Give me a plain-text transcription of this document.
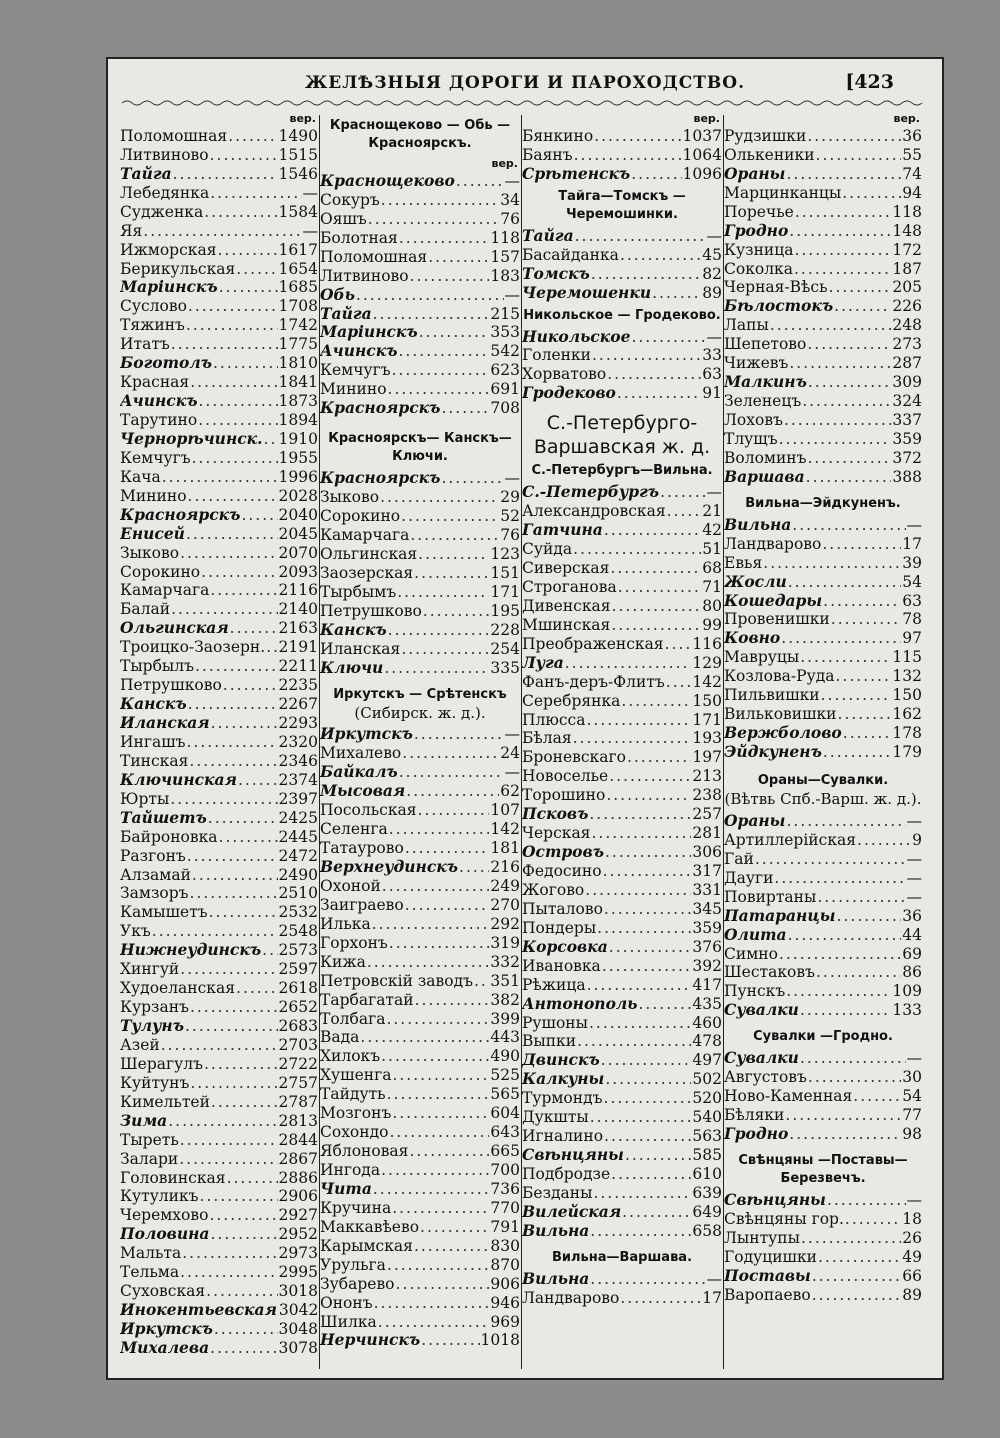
ЖЕЛѢЗНЫЯ ДОРОГИ И ПАРОХОДСТВО.	[423
вер.
Поломошная .....	1490
Литвиново .....	1515
Тайга .....	1546
Лебедянка .....	—
Судженка .....	1584
Яя .....	—
Ижморская .....	1617
Берикульская .....	1654
Маріинскъ .....	1685
Суслово .....	1708
Тяжинъ .....	1742
Итатъ .....	1775
Боготолъ .....	1810
Красная .....	1841
Ачинскъ .....	1873
Тарутино .....	1894
Чернорѣчинск. ..... 1910
Кемчугъ .....	1955
Кача .....	1996
Минино .....	2028
Красноярскъ ..... 2040
Енисей .....	2045
Зыково .....	2070
Сорокино .....	2093
Камарчага .....	2116
Балай .....	2140
Ольгинская .....	2163
Троицко-Заозерн. ..... 2191
Тырбылъ .....	2211
Петрушково .....	2235
Канскъ .....	2267
Иланская .....	2293
Ингашъ .....	2320
Тинская .....	2346
Ключинская .....	2374
Юрты .....	2397
Тайшетъ .....	2425
Байроновка .....	2445
Разгонъ .....	2472
Алзамай .....	2490
Замзоръ .....	2510
Камышетъ .....	2532
Укъ .....	2548
Нижнеудинскъ ..... 2573
Хингуй .....	2597
Худоеланская .....	2618
Курзанъ .....	2652
Тулунъ .....	2683
Азей .....	2703
Шерагулъ .....	2722
Куйтунъ .....	2757
Кимельтей .....	2787
Зима .....	2813
Тыреть .....	2844
Залари .....	2867
Головинская .....	2886
Кутуликъ .....	2906
Черемхово .....	2927
Половина .....	2952
Мальта .....	2973
Тельма .....	2995
Суховская .....	3018
Инокентьевская 3042
Иркутскъ .....	3048
Михалева .....	3078
Краснощеково — Обь — Красноярскъ.
вер.
Краснощеково .....	—
Сокуръ .....	34
Ояшъ .....	76
Болотная .....	118
Поломошная .....	157
Литвиново .....	183
Обь .....	—
Тайга .....	215
Маріинскъ .....	353
Ачинскъ .....	542
Кемчугъ .....	623
Минино .....	691
Красноярскъ .....	708
Красноярскъ— Канскъ—Ключи.
Красноярскъ .....	—
Зыково .....	29
Сорокино .....	52
Камарчага .....	76
Ольгинская .....	123
Заозерская .....	151
Тырбымъ .....	171
Петрушково .....	195
Канскъ .....	228
Иланская .....	254
Ключи .....	335
Иркутскъ — Срѣтенскъ
(Сибирск. ж. д.).
Иркутскъ .....	—
Михалево .....	24
Байкалъ .....	—
Мысовая .....	62
Посольская .....	107
Селенга .....	142
Татаурово .....	181
Верхнеудинскъ ..... 216
Охоной .....	249
Заиграево .....	270
Илька .....	292
Горхонъ .....	319
Кижа .....	332
Петровскій заводъ ..... 351
Тарбагатай .....	382
Толбага .....	399
Вада .....	443
Хилокъ .....	490
Хушенга .....	525
Тайдуть .....	565
Мозгонъ .....	604
Сохондо .....	643
Яблоновая .....	665
Ингода .....	700
Чита .....	736
Кручина .....	770
Маккавѣево .....	791
Карымская .....	830
Урульга .....	870
Зубарево .....	906
Ононъ .....	946
Шилка .....	969
Нерчинскъ .....	1018
вер.
Бянкино .....	1037
Баянъ .....	1064
Срѣтенскъ .....	1096
Тайга—Томскъ — Черемошинки.
Тайга .....	—
Басайданка .....	45
Томскъ .....	82
Черемошенки .....	89
Никольское — Гродеково.
Никольское .....	—
Голенки .....	33
Хорватово .....	63
Гродеково .....	91
С.-Петербурго- Варшавская ж. д.
С.-Петербургъ—Вильна.
С.-Петербургъ .....	—
Александровская ..... 21
Гатчина .....	42
Суйда .....	51
Сиверская .....	68
Строганова .....	71
Дивенская .....	80
Мшинская .....	99
Преображенская ..... 116
Луга .....	129
Фанъ-деръ-Флитъ ..... 142
Серебрянка .....	150
Плюсса .....	171
Бѣлая .....	193
Броневскаго .....	197
Новоселье .....	213
Торошино .....	238
Псковъ .....	257
Черская .....	281
Островъ .....	306
Федосино .....	317
Жогово .....	331
Пыталово .....	345
Пондеры .....	359
Корсовка .....	376
Ивановка .....	392
Рѣжица .....	417
Антонополь .....	435
Рушоны .....	460
Выпки .....	478
Двинскъ .....	497
Калкуны .....	502
Турмондъ .....	520
Дукшты .....	540
Игналино .....	563
Свѣнцяны .....	585
Подбродзе .....	610
Безданы .....	639
Вилейская .....	649
Вильна .....	658
Вильна—Варшава.
Вильна .....	—
Ландварово .....	17
вер.
Рудзишки .....	36
Олькеники .....	55
Ораны .....	74
Марцинканцы .....	94
Поречье .....	118
Гродно .....	148
Кузница .....	172
Соколка .....	187
Черная-Вѣсь .....	205
Бѣлостокъ .....	226
Лапы .....	248
Шепетово .....	273
Чижевъ .....	287
Малкинъ .....	309
Зеленецъ .....	324
Лоховъ .....	337
Тлущъ .....	359
Воломинъ .....	372
Варшава .....	388
Вильна—Эйдкуненъ.
Вильна .....	—
Ландварово .....	17
Евья .....	39
Жосли .....	54
Кошедары .....	63
Провенишки .....	78
Ковно .....	97
Мавруцы .....	115
Козлова-Руда .....	132
Пильвишки .....	150
Вильковишки .....	162
Вержболово .....	178
Эйдкуненъ .....	179
Ораны—Сувалки.
(Вѣтвь Спб.-Варш. ж. д.).
Ораны .....	—
Артиллерійская .....	9
Гай .....	—
Дауги .....	—
Повиртаны .....	—
Патаранцы .....	36
Олита .....	44
Симно .....	69
Шестаковъ .....	86
Пунскъ .....	109
Сувалки .....	133
Сувалки —Гродно.
Сувалки .....	—
Августовъ .....	30
Ново-Каменная .....	54
Бѣляки .....	77
Гродно .....	98
Свѣнцяны —Поставы— Березвечъ.
Свѣнцяны .....	—
Свѣнцяны гор. .....	18
Лынтупы .....	26
Годуцишки .....	49
Поставы .....	66
Варопаево .....	89
